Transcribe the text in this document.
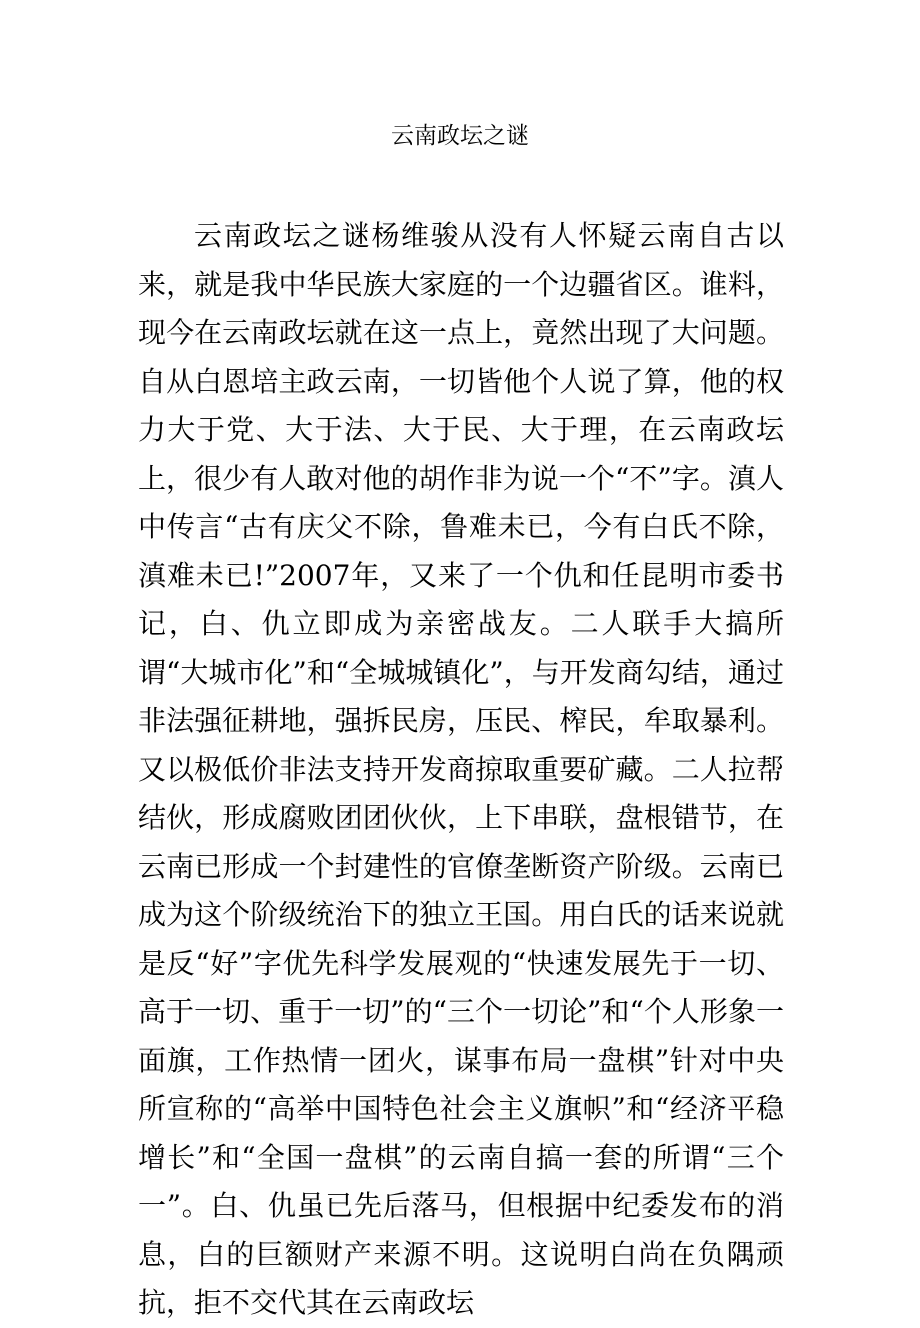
云南政坛之谜

云南政坛之谜杨维骏从没有人怀疑云南自古以来，就是我中华民族大家庭的一个边疆省区。谁料，现今在云南政坛就在这一点上，竟然出现了大问题。自从白恩培主政云南，一切皆他个人说了算，他的权力大于党、大于法、大于民、大于理，在云南政坛上，很少有人敢对他的胡作非为说一个“不”字。滇人中传言“古有庆父不除，鲁难未已，今有白氏不除，滇难未已!”2007年，又来了一个仇和任昆明市委书记，白、仇立即成为亲密战友。二人联手大搞所谓“大城市化”和“全城城镇化”，与开发商勾结，通过非法强征耕地，强拆民房，压民、榨民，牟取暴利。又以极低价非法支持开发商掠取重要矿藏。二人拉帮结伙，形成腐败团团伙伙，上下串联，盘根错节，在云南已形成一个封建性的官僚垄断资产阶级。云南已成为这个阶级统治下的独立王国。用白氏的话来说就是反“好”字优先科学发展观的“快速发展先于一切、高于一切、重于一切”的“三个一切论”和“个人形象一面旗，工作热情一团火，谋事布局一盘棋”针对中央所宣称的“高举中国特色社会主义旗帜”和“经济平稳增长”和“全国一盘棋”的云南自搞一套的所谓“三个一”。白、仇虽已先后落马，但根据中纪委发布的消息，白的巨额财产来源不明。这说明白尚在负隅顽抗，拒不交代其在云南政坛
